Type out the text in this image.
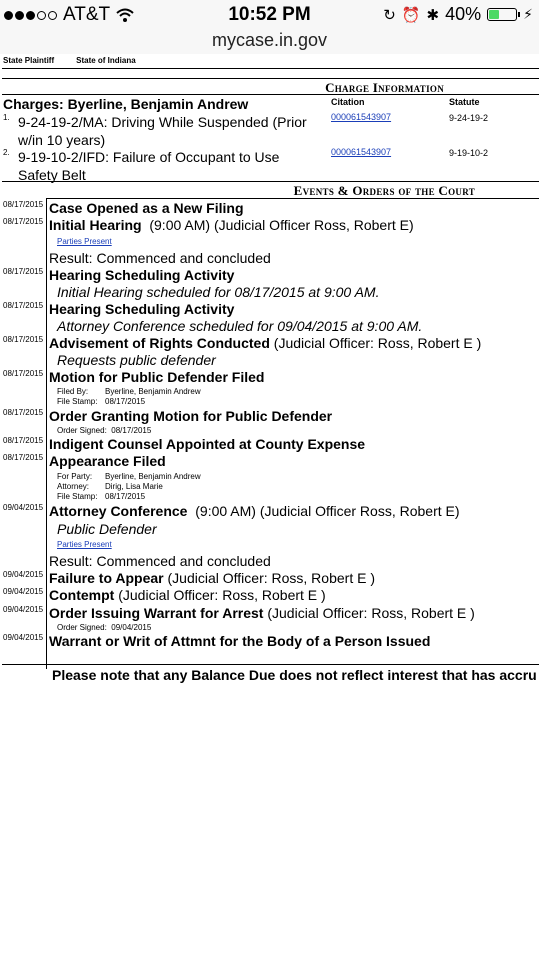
AT&T	10:52 PM	↻ ⏰ ✱ 40%	⚡
mycase.in.gov
State Plaintiff	State of Indiana
Charge Information
Charges: Byerline, Benjamin Andrew	Citation	Statute
1. 9-24-19-2/MA: Driving While Suspended (Prior w/in 10 years)
000061543907	9-24-19-2
2. 9-19-10-2/IFD: Failure of Occupant to Use Safety Belt
000061543907	9-19-10-2
Events & Orders of the Court
08/17/2015 Case Opened as a New Filing
08/17/2015 Initial Hearing (9:00 AM) (Judicial Officer Ross, Robert E)
Parties Present
Result: Commenced and concluded
08/17/2015 Hearing Scheduling Activity
Initial Hearing scheduled for 08/17/2015 at 9:00 AM.
08/17/2015 Hearing Scheduling Activity
Attorney Conference scheduled for 09/04/2015 at 9:00 AM.
08/17/2015 Advisement of Rights Conducted (Judicial Officer: Ross, Robert E )
Requests public defender
08/17/2015 Motion for Public Defender Filed
Filed By: Byerline, Benjamin Andrew
File Stamp: 08/17/2015
08/17/2015 Order Granting Motion for Public Defender
Order Signed: 08/17/2015
08/17/2015 Indigent Counsel Appointed at County Expense
08/17/2015 Appearance Filed
For Party: Byerline, Benjamin Andrew
Attorney: Dirig, Lisa Marie
File Stamp: 08/17/2015
09/04/2015 Attorney Conference (9:00 AM) (Judicial Officer Ross, Robert E)
Public Defender
Parties Present
Result: Commenced and concluded
09/04/2015 Failure to Appear (Judicial Officer: Ross, Robert E )
09/04/2015 Contempt (Judicial Officer: Ross, Robert E )
09/04/2015 Order Issuing Warrant for Arrest (Judicial Officer: Ross, Robert E )
Order Signed: 09/04/2015
09/04/2015 Warrant or Writ of Attmnt for the Body of a Person Issued
Please note that any Balance Due does not reflect interest that has accru
